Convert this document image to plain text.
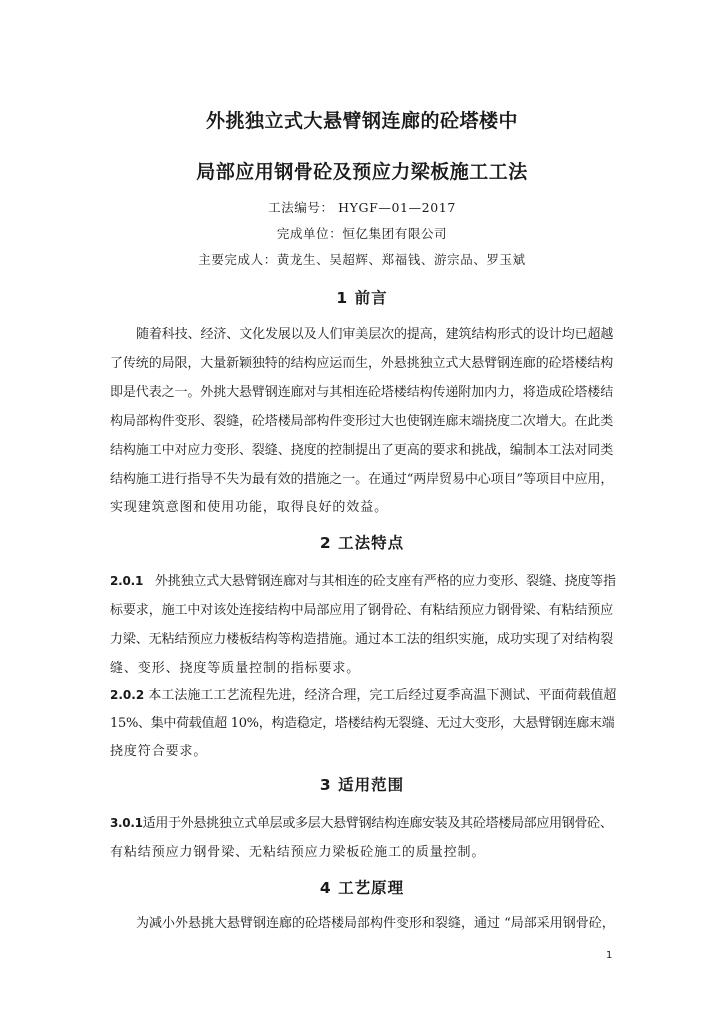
外挑独立式大悬臂钢连廊的砼塔楼中
局部应用钢骨砼及预应力梁板施工工法
工法编号： HYGF—01—2017
完成单位：恒亿集团有限公司
主要完成人：黄龙生、吴超辉、郑福钱、游宗品、罗玉斌
1 前言
随着科技、经济、文化发展以及人们审美层次的提高，建筑结构形式的设计均已超越
了传统的局限，大量新颖独特的结构应运而生，外悬挑独立式大悬臂钢连廊的砼塔楼结构
即是代表之一。外挑大悬臂钢连廊对与其相连砼塔楼结构传递附加内力，将造成砼塔楼结
构局部构件变形、裂缝，砼塔楼局部构件变形过大也使钢连廊末端挠度二次增大。在此类
结构施工中对应力变形、裂缝、挠度的控制提出了更高的要求和挑战，编制本工法对同类
结构施工进行指导不失为最有效的措施之一。在通过“两岸贸易中心项目”等项目中应用，
实现建筑意图和使用功能，取得良好的效益。
2 工法特点
2.0.1 外挑独立式大悬臂钢连廊对与其相连的砼支座有严格的应力变形、裂缝、挠度等指
标要求，施工中对该处连接结构中局部应用了钢骨砼、有粘结预应力钢骨梁、有粘结预应
力梁、无粘结预应力楼板结构等构造措施。通过本工法的组织实施，成功实现了对结构裂
缝、变形、挠度等质量控制的指标要求。
2.0.2 本工法施工工艺流程先进，经济合理，完工后经过夏季高温下测试、平面荷载值超
15%、集中荷载值超 10%，构造稳定，塔楼结构无裂缝、无过大变形，大悬臂钢连廊末端
挠度符合要求。
3 适用范围
3.0.1适用于外悬挑独立式单层或多层大悬臂钢结构连廊安装及其砼塔楼局部应用钢骨砼、
有粘结预应力钢骨梁、无粘结预应力梁板砼施工的质量控制。
4 工艺原理
为减小外悬挑大悬臂钢连廊的砼塔楼局部构件变形和裂缝，通过 “局部采用钢骨砼，
1
